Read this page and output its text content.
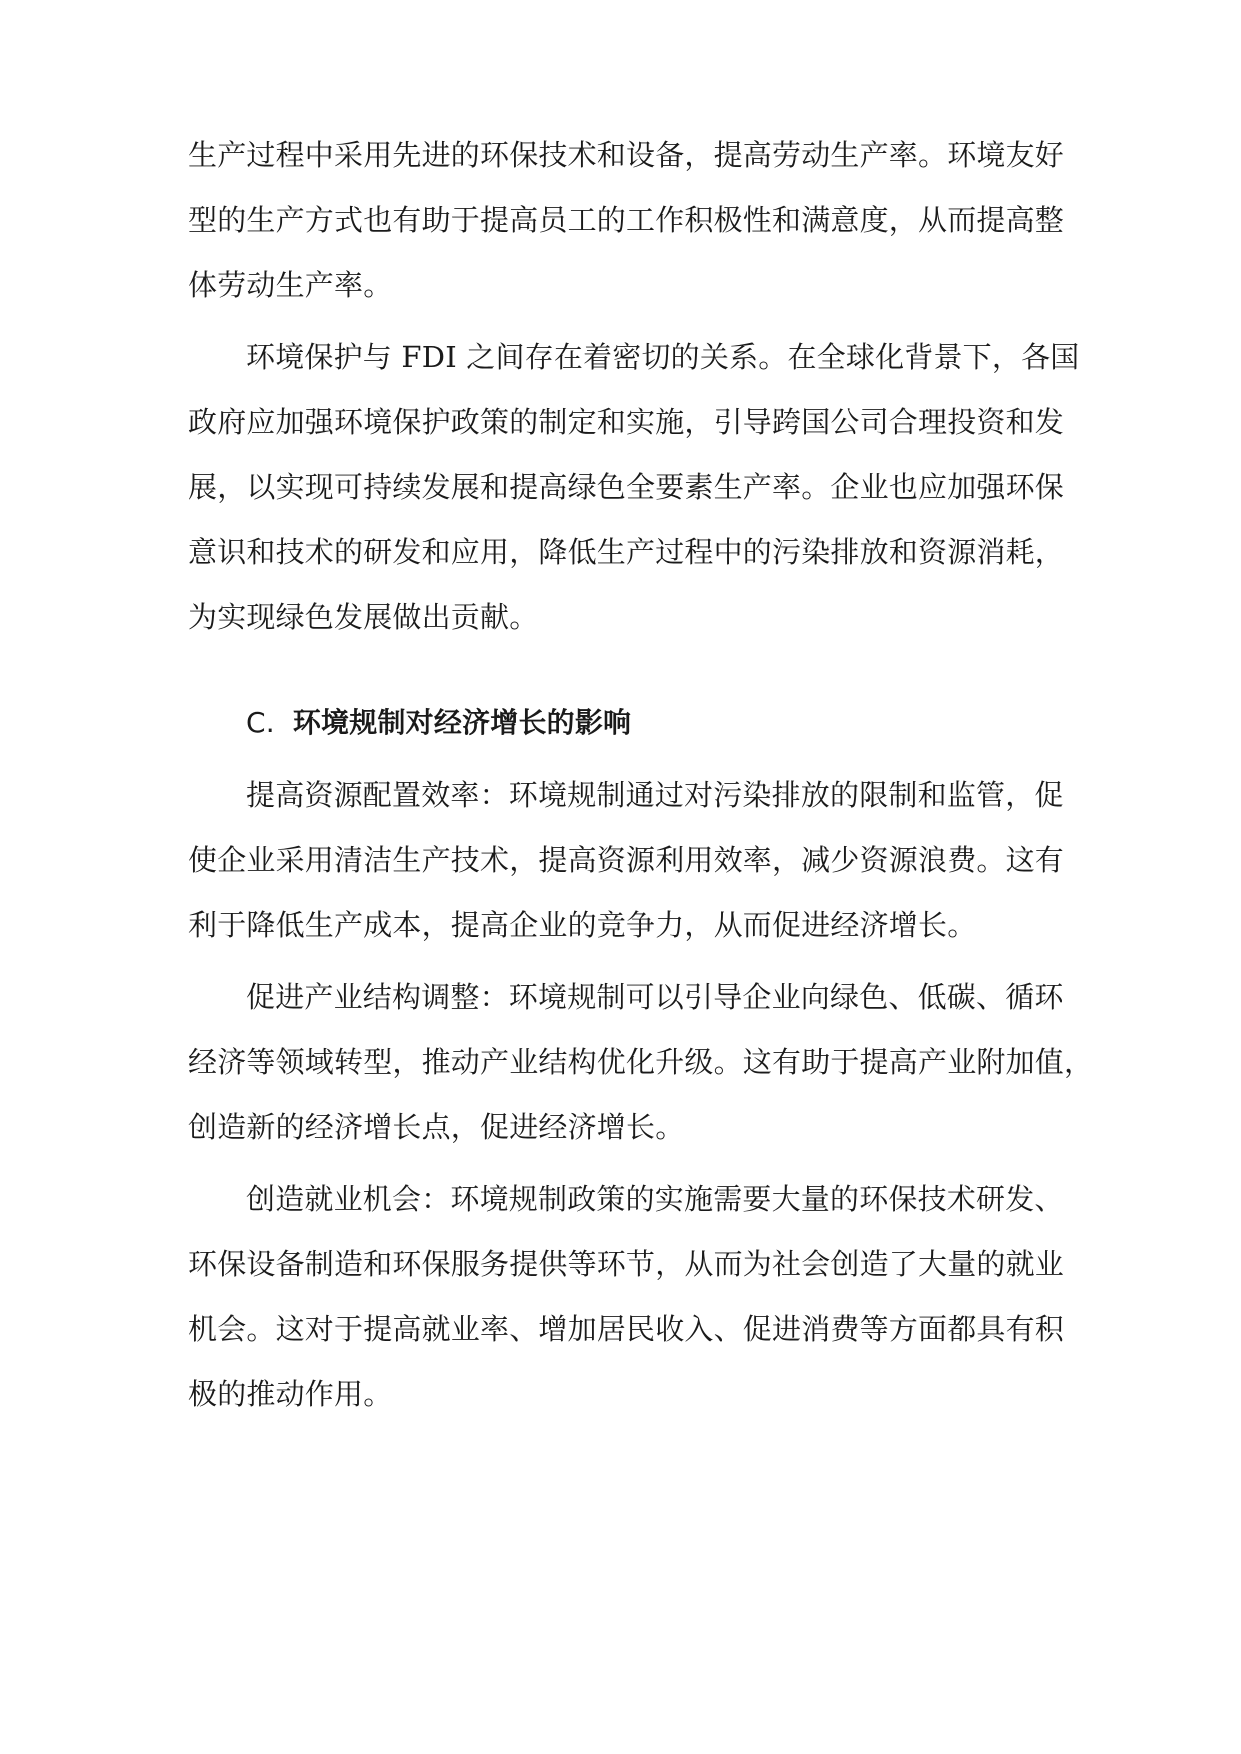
生产过程中采用先进的环保技术和设备，提高劳动生产率。环境友好
型的生产方式也有助于提高员工的工作积极性和满意度，从而提高整
体劳动生产率。
环境保护与 FDI 之间存在着密切的关系。在全球化背景下，各国
政府应加强环境保护政策的制定和实施，引导跨国公司合理投资和发
展，以实现可持续发展和提高绿色全要素生产率。企业也应加强环保
意识和技术的研发和应用，降低生产过程中的污染排放和资源消耗，
为实现绿色发展做出贡献。
C. 环境规制对经济增长的影响
提高资源配置效率：环境规制通过对污染排放的限制和监管，促
使企业采用清洁生产技术，提高资源利用效率，减少资源浪费。这有
利于降低生产成本，提高企业的竞争力，从而促进经济增长。
促进产业结构调整：环境规制可以引导企业向绿色、低碳、循环
经济等领域转型，推动产业结构优化升级。这有助于提高产业附加值，
创造新的经济增长点，促进经济增长。
创造就业机会：环境规制政策的实施需要大量的环保技术研发、
环保设备制造和环保服务提供等环节，从而为社会创造了大量的就业
机会。这对于提高就业率、增加居民收入、促进消费等方面都具有积
极的推动作用。
